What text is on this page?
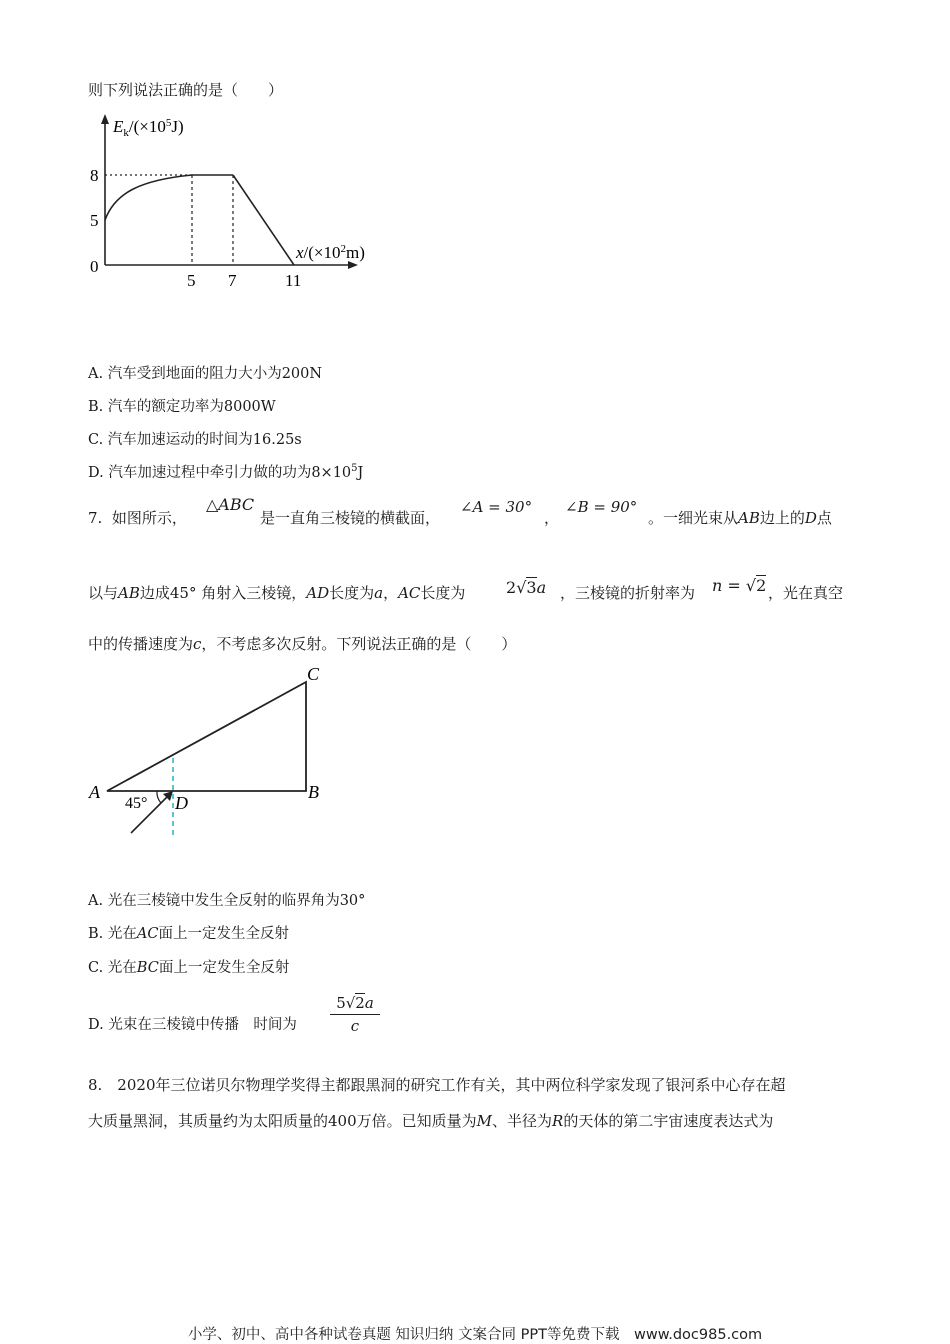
则下列说法正确的是（　　）
$E_k/(\times 10^5J)$
$x/(\times 10^2m)$
0
5
8
5 7	11
A. 汽车受到地面的阻力大小为200N
B. 汽车的额定功率为8000W
C. 汽车加速运动的时间为16.25s
D. 汽车加速过程中牵引力做的功为$8\times 10^5J$
7. 如图所示，
△ABC
是一直角三棱镜的横截面，
∠A = 30°
，
∠B = 90°
。一细光束从AB边上的D点
以与AB边成45° 角射入三棱镜，AD长度为a，AC长度为	2√3a ，三棱镜的折射率为 n = √2 ，光在真空
中的传播速度为c，不考虑多次反射。下列说法正确的是（　　）
A	B
C
D
45°
A. 光在三棱镜中发生全反射的临界角为30°
B. 光在AC面上一定发生全反射
C. 光在BC面上一定发生全反射
D. 光束在三棱镜中传播　时间为 $\frac{5√2a}{c}$
8.　2020年三位诺贝尔物理学奖得主都跟黑洞的研究工作有关，其中两位科学家发现了银河系中心存在超
大质量黑洞，其质量约为太阳质量的400万倍。已知质量为M、半径为R的天体的第二宇宙速度表达式为
小学、初中、高中各种试卷真题 知识归纳 文案合同 PPT等免费下载　www.doc985.com
